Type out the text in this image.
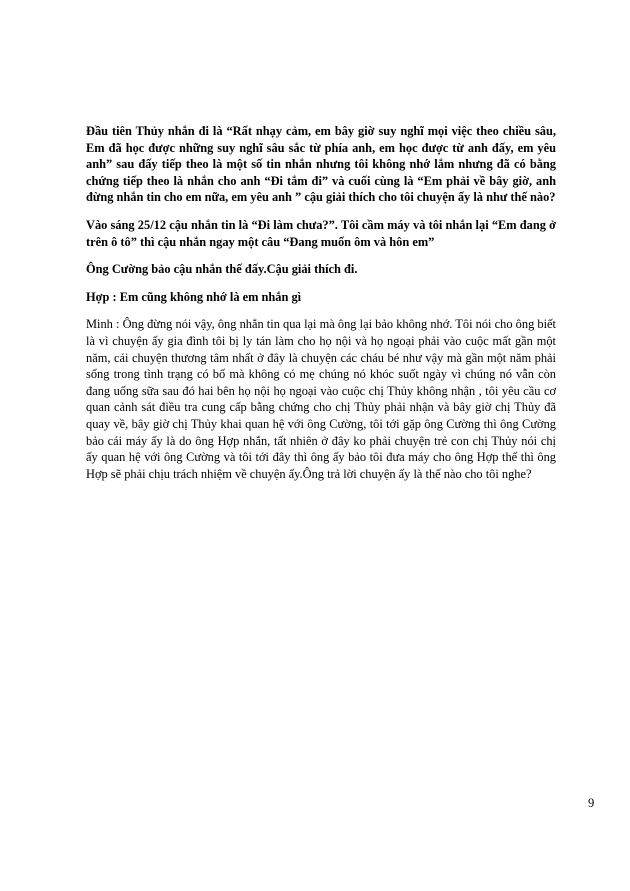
Đầu tiên Thủy nhắn đi là “Rất nhạy cảm, em bây giờ suy nghĩ mọi việc theo chiều sâu, Em đã học được những suy nghĩ sâu sắc từ phía anh, em học được từ anh đấy, em yêu anh” sau đấy tiếp theo là một số tin nhắn nhưng tôi không nhớ lắm nhưng đã có bằng chứng tiếp theo là nhắn cho anh “Đi tắm đi” và cuối cùng là “Em phải về bây giờ, anh đừng nhắn tin cho em nữa, em yêu anh ” cậu giải thích cho tôi chuyện ấy là như thế nào?

Vào sáng 25/12 cậu nhắn tin là “Đi làm chưa?”. Tôi cầm máy và tôi nhắn lại “Em đang ở trên ô tô” thì cậu nhắn ngay một câu “Đang muốn ôm và hôn em”

Ông Cường bảo cậu nhắn thế đấy.Cậu giải thích đi.

Hợp : Em cũng không nhớ là em nhắn gì

Minh : Ông đừng nói vậy, ông nhắn tin qua lại mà ông lại bảo không nhớ. Tôi nói cho ông biết là vì chuyện ấy gia đình tôi bị ly tán làm cho họ nội và họ ngoại phải vào cuộc mất gần một năm, cái chuyện thương tâm nhất ở đây là chuyện các cháu bé như vậy mà gần một năm phải sống trong tình trạng có bố mà không có mẹ chúng nó khóc suốt ngày vì chúng nó vẫn còn đang uống sữa sau đó hai bên họ nội họ ngoại vào cuộc chị Thủy không nhận , tôi yêu cầu cơ quan cảnh sát điều tra cung cấp bằng chứng cho chị Thủy phải nhận và bây giờ chị Thủy đã quay về, bây giờ chị Thủy khai quan hệ với ông Cường, tôi tới gặp ông Cường thì ông Cường bảo cái máy ấy là do ông Hợp nhắn, tất nhiên ở đây ko phải chuyện trẻ con chị Thủy nói chị ấy quan hệ với ông Cường và tôi tới đây thì ông ấy bảo tôi đưa máy cho ông Hợp thế thì ông Hợp sẽ phải chịu trách nhiệm về chuyện ấy.Ông trả lời chuyện ấy là thế nào cho tôi nghe?

9
